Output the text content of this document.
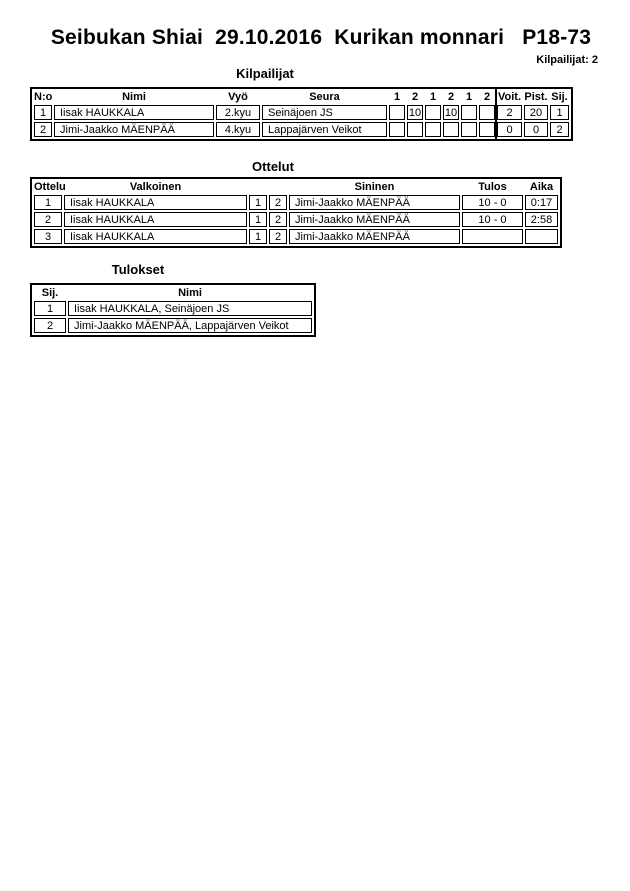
Seibukan Shiai  29.10.2016  Kurikan monnari   P18-73
Kilpailijat: 2
Kilpailijat
N:o	Nimi	Vyö	Seura	1	2	1	2	1	2	Voit.	Pist.	Sij.
1	Iisak HAUKKALA	2.kyu	Seinäjoen JS		10		10			2	20	1
2	Jimi-Jaakko MÄENPÄÄ	4.kyu	Lappajärven Veikot							0	0	2
Ottelut
Ottelu	Valkoinen			Sininen	Tulos	Aika
1	Iisak HAUKKALA	1	2	Jimi-Jaakko MÄENPÄÄ	10 - 0	0:17
2	Iisak HAUKKALA	1	2	Jimi-Jaakko MÄENPÄÄ	10 - 0	2:58
3	Iisak HAUKKALA	1	2	Jimi-Jaakko MÄENPÄÄ		
Tulokset
Sij.	Nimi
1	Iisak HAUKKALA, Seinäjoen JS
2	Jimi-Jaakko MÄENPÄÄ, Lappajärven Veikot
